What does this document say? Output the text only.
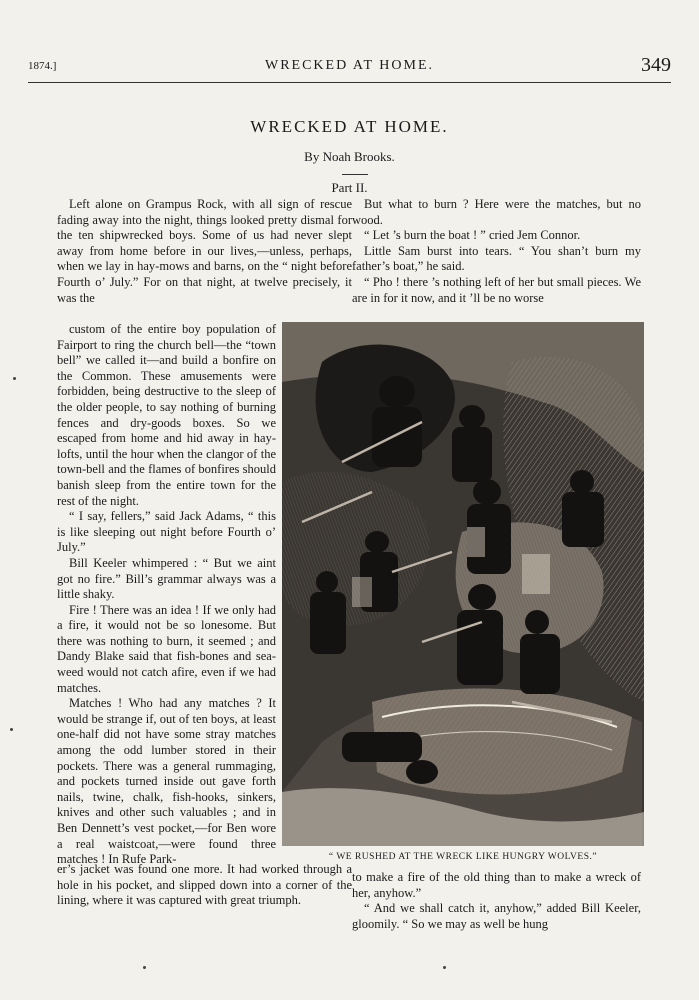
1874.]	WRECKED AT HOME.	349
WRECKED AT HOME.
By Noah Brooks.
Part II.

Left alone on Grampus Rock, with all sign of rescue fading away into the night, things looked pretty dismal for the ten shipwrecked boys. Some of us had never slept away from home before in our lives,—unless, perhaps, when we lay in hay-mows and barns, on the “ night before Fourth o’ July.” For on that night, at twelve precisely, it was the

custom of the entire boy population of Fairport to ring the church bell—the “town bell” we called it—and build a bonfire on the Common. These amusements were forbidden, being destructive to the sleep of the older people, to say nothing of burning fences and dry-goods boxes. So we escaped from home and hid away in hay-lofts, until the hour when the clangor of the town-bell and the flames of bonfires should banish sleep from the entire town for the rest of the night.

“ I say, fellers,” said Jack Adams, “ this is like sleeping out night before Fourth o’ July.”

Bill Keeler whimpered : “ But we aint got no fire.” Bill’s grammar always was a little shaky.

Fire ! There was an idea ! If we only had a fire, it would not be so lonesome. But there was nothing to burn, it seemed ; and Dandy Blake said that fish-bones and sea-weed would not catch afire, even if we had matches.

Matches ! Who had any matches ? It would be strange if, out of ten boys, at least one-half did not have some stray matches among the odd lumber stored in their pockets. There was a general rummaging, and pockets turned inside out gave forth nails, twine, chalk, fish-hooks, sinkers, knives and other such valuables ; and in Ben Dennett’s vest pocket,—for Ben wore a real waistcoat,—were found three matches ! In Rufe Park-

er’s jacket was found one more. It had worked through a hole in his pocket, and slipped down into a corner of the lining, where it was captured with great triumph.

But what to burn ? Here were the matches, but no wood.

“ Let ’s burn the boat ! ” cried Jem Connor.

Little Sam burst into tears. “ You shan’t burn my father’s boat,” he said.

“ Pho ! there ’s nothing left of her but small pieces. We are in for it now, and it ’ll be no worse

“ WE RUSHED AT THE WRECK LIKE HUNGRY WOLVES.”

to make a fire of the old thing than to make a wreck of her, anyhow.”

“ And we shall catch it, anyhow,” added Bill Keeler, gloomily. “ So we may as well be hung
